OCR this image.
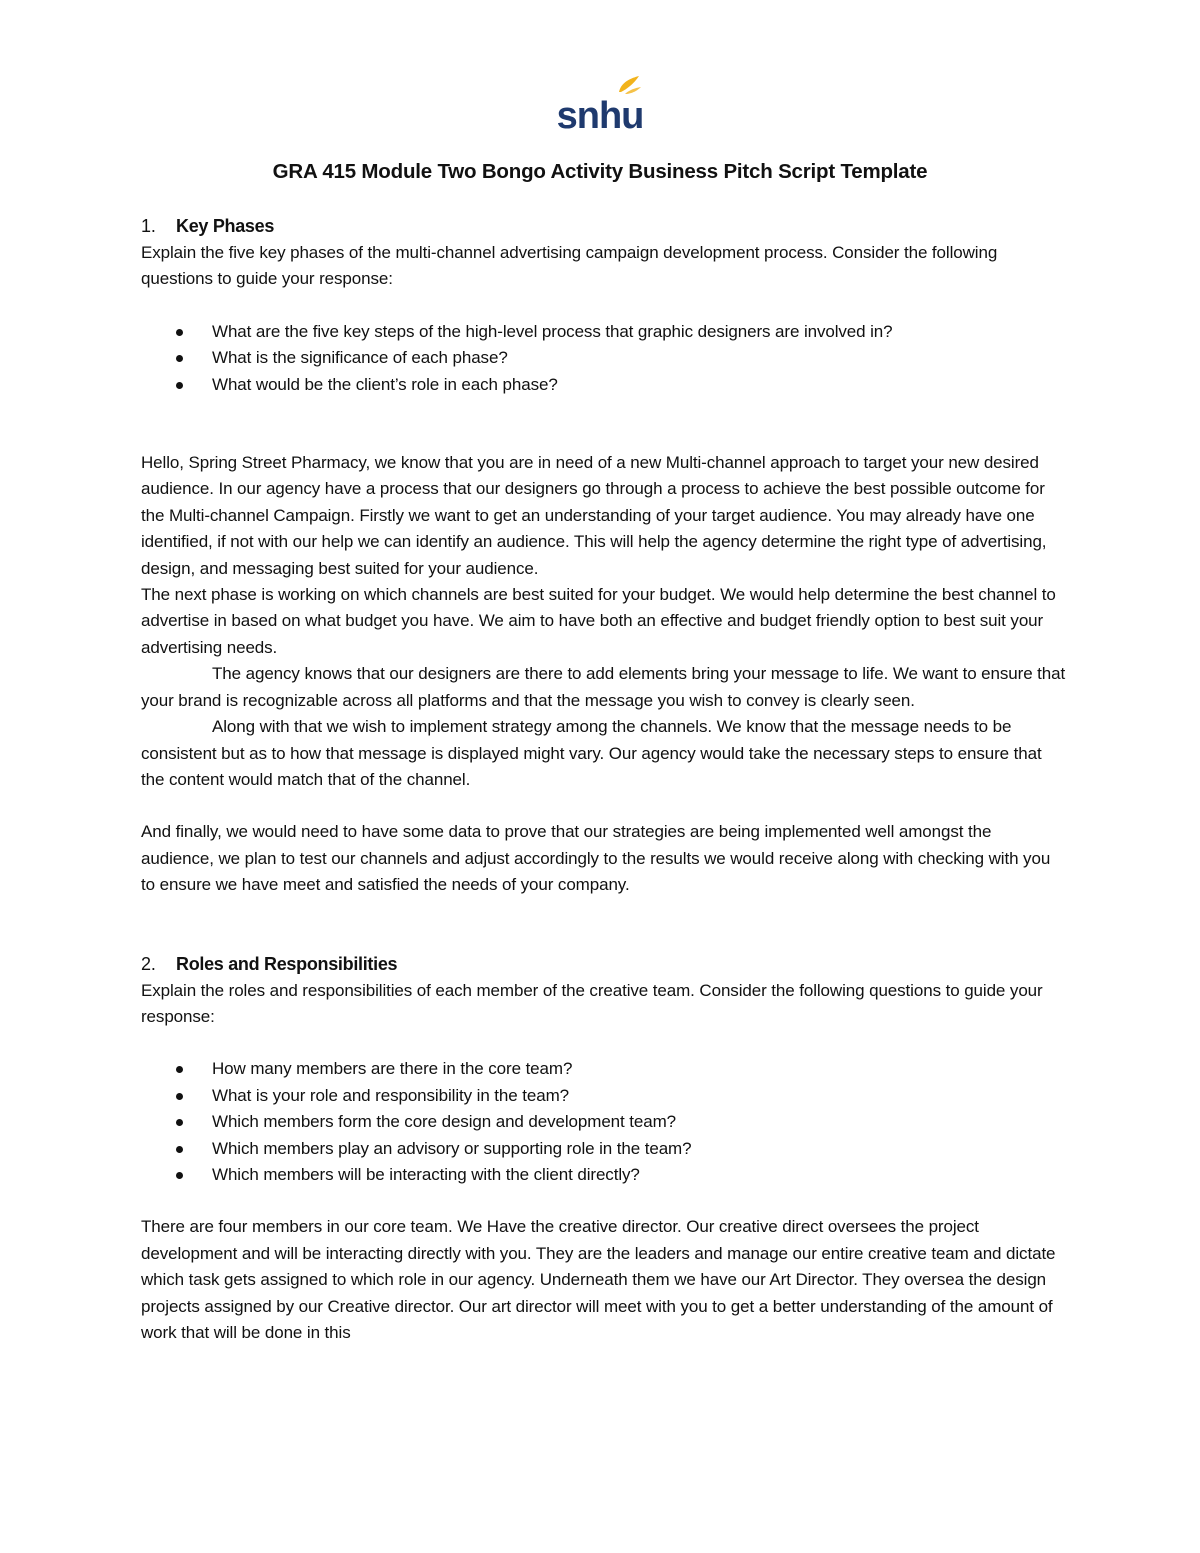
snhu
GRA 415 Module Two Bongo Activity Business Pitch Script Template
1.	Key Phases

Explain the five key phases of the multi-channel advertising campaign development process. Consider the following questions to guide your response:

What are the five key steps of the high-level process that graphic designers are involved in?
What is the significance of each phase?
What would be the client’s role in each phase?

Hello, Spring Street Pharmacy, we know that you are in need of a new Multi-channel approach to target your new desired audience. In our agency have a process that our designers go through a process to achieve the best possible outcome for the Multi-channel Campaign. Firstly we want to get an understanding of your target audience. You may already have one identified, if not with our help we can identify an audience. This will help the agency determine the right type of advertising, design, and messaging best suited for your audience.

The next phase is working on which channels are best suited for your budget. We would help determine the best channel to advertise in based on what budget you have. We aim to have both an effective and budget friendly option to best suit your advertising needs.

The agency knows that our designers are there to add elements bring your message to life. We want to ensure that your brand is recognizable across all platforms and that the message you wish to convey is clearly seen.

Along with that we wish to implement strategy among the channels. We know that the message needs to be consistent but as to how that message is displayed might vary. Our agency would take the necessary steps to ensure that the content would match that of the channel.

And finally, we would need to have some data to prove that our strategies are being implemented well amongst the audience, we plan to test our channels and adjust accordingly to the results we would receive along with checking with you to ensure we have meet and satisfied the needs of your company.

2.	Roles and Responsibilities

Explain the roles and responsibilities of each member of the creative team. Consider the following questions to guide your response:

How many members are there in the core team?
What is your role and responsibility in the team?
Which members form the core design and development team?
Which members play an advisory or supporting role in the team?
Which members will be interacting with the client directly?

There are four members in our core team. We Have the creative director. Our creative direct oversees the project development and will be interacting directly with you. They are the leaders and manage our entire creative team and dictate which task gets assigned to which role in our agency. Underneath them we have our Art Director. They oversea the design projects assigned by our Creative director. Our art director will meet with you to get a better understanding of the amount of work that will be done in this
